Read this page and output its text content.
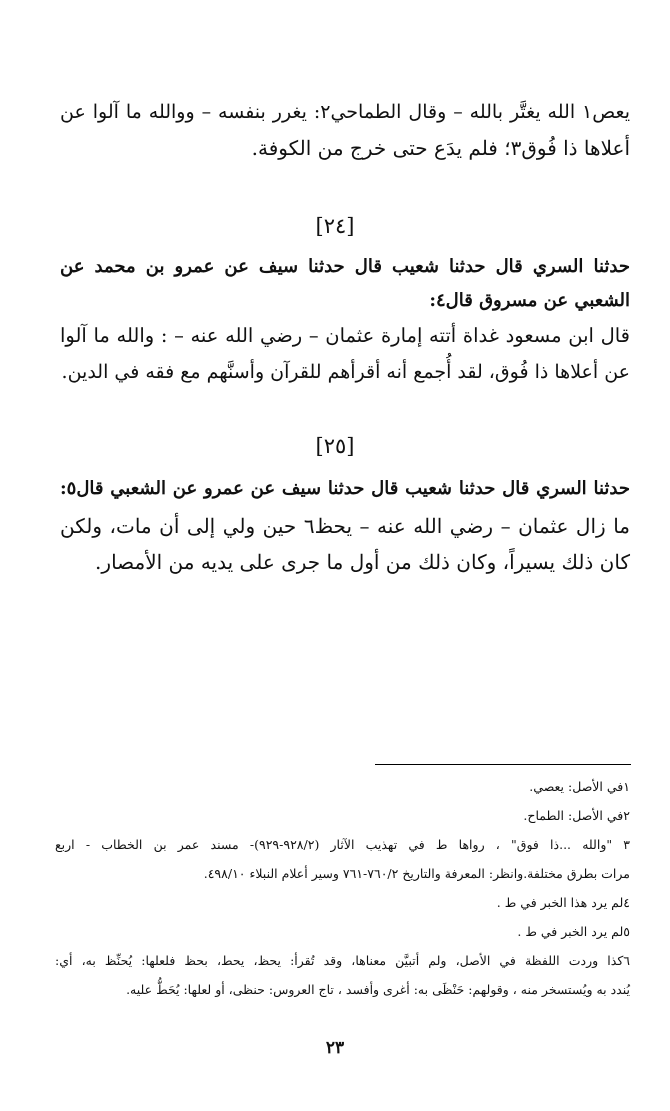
يعص١ الله يغتَّر بالله – وقال الطماحي٢: يغرر بنفسه – ووالله ما آلوا عن
أعلاها ذا فُوق٣؛ فلم يدَع حتى خرج من الكوفة.

[٢٤]

حدثنا السري قال حدثنا شعيب قال حدثنا سيف عن عمرو بن محمد عن
الشعبي عن مسروق قال٤:

قال ابن مسعود غداة أتته إمارة عثمان – رضي الله عنه – : والله ما آلوا
عن أعلاها ذا فُوق، لقد أُجمع أنه أقرأهم للقرآن وأسنَّهم مع فقه في الدين.

[٢٥]

حدثنا السري قال حدثنا شعيب قال حدثنا سيف عن عمرو عن الشعبي قال٥:

ما زال عثمان – رضي الله عنه – يحظ٦ حين ولي إلى أن مات، ولكن
كان ذلك يسيراً، وكان ذلك من أول ما جرى على يديه من الأمصار.

١في الأصل: يعصي.
٢في الأصل: الطماح.
٣ "والله ...ذا فوق" ، رواها ط في تهذيب الآثار (٩٢٨/٢-٩٢٩)- مسند عمر بن الخطاب - اربع
مرات بطرق مختلفة.وانظر: المعرفة والتاريخ ٧٦٠/٢-٧٦١ وسير أعلام النبلاء ٤٩٨/١٠.
٤لم يرد هذا الخبر في ط .
٥لم يرد الخبر في ط .
٦كذا وردت اللفظة في الأصل، ولم أتبيَّن معناها، وقد تُقرأ: يحظ، يحط، بحظ فلعلها: يُحنِّظ به، أي:
يُندد به ويُستسخر منه ، وقولهم: حَنْظَى به: أغرى وأفسد ، تاج العروس: حنظى، أو لعلها: يُحَطُّ عليه.
٢٣
